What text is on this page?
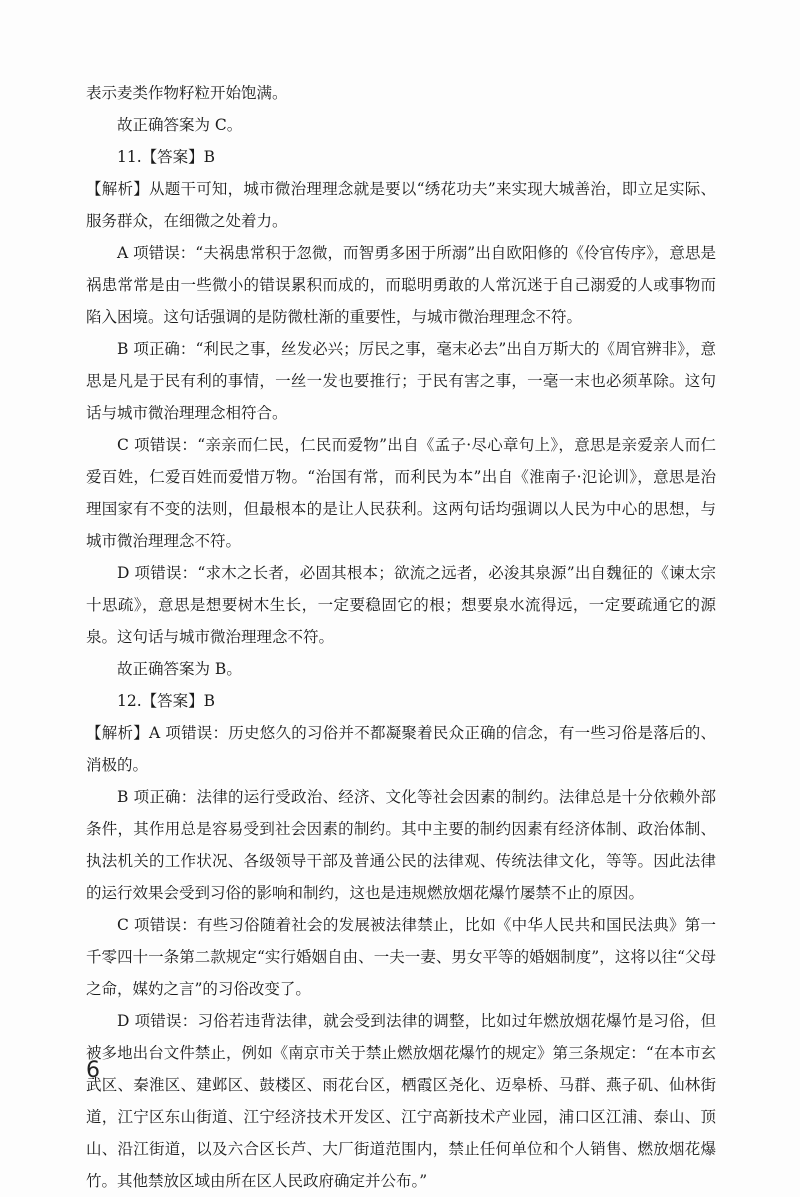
表示麦类作物籽粒开始饱满。

故正确答案为 C。

11.【答案】B

【解析】从题干可知，城市微治理理念就是要以“绣花功夫”来实现大城善治，即立足实际、服务群众，在细微之处着力。

A 项错误：“夫祸患常积于忽微，而智勇多困于所溺”出自欧阳修的《伶官传序》，意思是祸患常常是由一些微小的错误累积而成的，而聪明勇敢的人常沉迷于自己溺爱的人或事物而陷入困境。这句话强调的是防微杜渐的重要性，与城市微治理理念不符。

B 项正确：“利民之事，丝发必兴；厉民之事，毫末必去”出自万斯大的《周官辨非》，意思是凡是于民有利的事情，一丝一发也要推行；于民有害之事，一毫一末也必须革除。这句话与城市微治理理念相符合。

C 项错误：“亲亲而仁民，仁民而爱物”出自《孟子·尽心章句上》，意思是亲爱亲人而仁爱百姓，仁爱百姓而爱惜万物。“治国有常，而利民为本”出自《淮南子·氾论训》，意思是治理国家有不变的法则，但最根本的是让人民获利。这两句话均强调以人民为中心的思想，与城市微治理理念不符。

D 项错误：“求木之长者，必固其根本；欲流之远者，必浚其泉源”出自魏征的《谏太宗十思疏》，意思是想要树木生长，一定要稳固它的根；想要泉水流得远，一定要疏通它的源泉。这句话与城市微治理理念不符。

故正确答案为 B。

12.【答案】B

【解析】A 项错误：历史悠久的习俗并不都凝聚着民众正确的信念，有一些习俗是落后的、消极的。

B 项正确：法律的运行受政治、经济、文化等社会因素的制约。法律总是十分依赖外部条件，其作用总是容易受到社会因素的制约。其中主要的制约因素有经济体制、政治体制、执法机关的工作状况、各级领导干部及普通公民的法律观、传统法律文化，等等。因此法律的运行效果会受到习俗的影响和制约，这也是违规燃放烟花爆竹屡禁不止的原因。

C 项错误：有些习俗随着社会的发展被法律禁止，比如《中华人民共和国民法典》第一千零四十一条第二款规定“实行婚姻自由、一夫一妻、男女平等的婚姻制度”，这将以往“父母之命，媒妁之言”的习俗改变了。

D 项错误：习俗若违背法律，就会受到法律的调整，比如过年燃放烟花爆竹是习俗，但被多地出台文件禁止，例如《南京市关于禁止燃放烟花爆竹的规定》第三条规定：“在本市玄武区、秦淮区、建邺区、鼓楼区、雨花台区，栖霞区尧化、迈皋桥、马群、燕子矶、仙林街道，江宁区东山街道、江宁经济技术开发区、江宁高新技术产业园，浦口区江浦、泰山、顶山、沿江街道，以及六合区长芦、大厂街道范围内，禁止任何单位和个人销售、燃放烟花爆竹。其他禁放区域由所在区人民政府确定并公布。”

6
